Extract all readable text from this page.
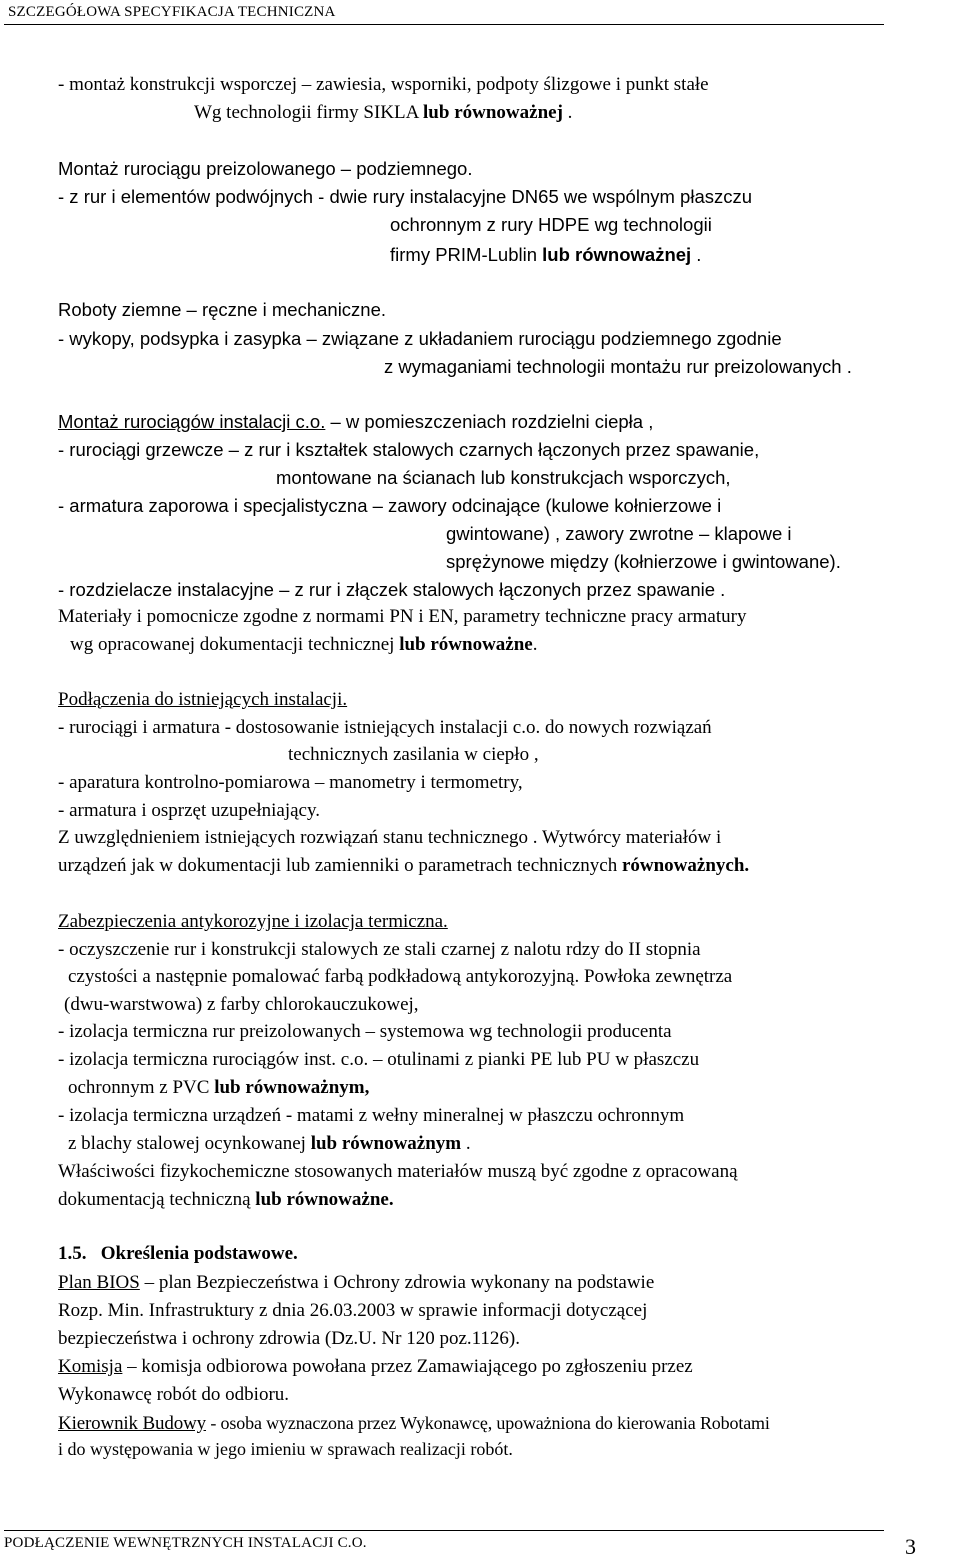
SZCZEGÓŁOWA SPECYFIKACJA TECHNICZNA
- montaż konstrukcji wsporczej – zawiesia, wsporniki, podpoty ślizgowe i punkt stałe
Wg technologii firmy SIKLA lub równoważnej .
Montaż rurociągu preizolowanego – podziemnego.
- z rur i elementów podwójnych - dwie rury instalacyjne DN65 we wspólnym płaszczu
ochronnym z rury HDPE wg technologii
firmy PRIM-Lublin lub równoważnej .
Roboty ziemne – ręczne i mechaniczne.
- wykopy, podsypka i zasypka – związane z układaniem rurociągu podziemnego zgodnie
z wymaganiami technologii montażu rur preizolowanych .
Montaż rurociągów instalacji c.o. – w pomieszczeniach rozdzielni ciepła ,
- rurociągi grzewcze – z rur i kształtek stalowych czarnych łączonych przez spawanie,
montowane na ścianach lub konstrukcjach wsporczych,
- armatura zaporowa i specjalistyczna – zawory odcinające (kulowe kołnierzowe i
gwintowane) , zawory zwrotne – klapowe i
sprężynowe między (kołnierzowe i gwintowane).
- rozdzielacze instalacyjne – z rur i złączek stalowych łączonych przez spawanie .
Materiały i pomocnicze zgodne z normami PN i EN, parametry techniczne pracy armatury
wg opracowanej dokumentacji technicznej lub równoważne.
Podłączenia do istniejących instalacji.
- rurociągi i armatura - dostosowanie istniejących instalacji c.o. do nowych rozwiązań
technicznych zasilania w ciepło ,
- aparatura kontrolno-pomiarowa – manometry i termometry,
- armatura i osprzęt uzupełniający.
Z uwzględnieniem istniejących rozwiązań stanu technicznego . Wytwórcy materiałów i
urządzeń jak w dokumentacji lub zamienniki o parametrach technicznych równoważnych.
Zabezpieczenia antykorozyjne i izolacja termiczna.
- oczyszczenie rur i konstrukcji stalowych ze stali czarnej z nalotu rdzy do II stopnia
czystości a następnie pomalować farbą podkładową antykorozyjną. Powłoka zewnętrza
(dwu-warstwowa) z farby chlorokauczukowej,
- izolacja termiczna rur preizolowanych – systemowa wg technologii producenta
- izolacja termiczna rurociągów inst. c.o. – otulinami z pianki PE lub PU w płaszczu
ochronnym z PVC lub równoważnym,
- izolacja termiczna urządzeń - matami z wełny mineralnej w płaszczu ochronnym
z blachy stalowej ocynkowanej lub równoważnym .
Właściwości fizykochemiczne stosowanych materiałów muszą być zgodne z opracowaną
dokumentacją techniczną lub równoważne.
1.5. Określenia podstawowe.
Plan BIOS – plan Bezpieczeństwa i Ochrony zdrowia wykonany na podstawie
Rozp. Min. Infrastruktury z dnia 26.03.2003 w sprawie informacji dotyczącej
bezpieczeństwa i ochrony zdrowia (Dz.U. Nr 120 poz.1126).
Komisja – komisja odbiorowa powołana przez Zamawiającego po zgłoszeniu przez
Wykonawcę robót do odbioru.
Kierownik Budowy - osoba wyznaczona przez Wykonawcę, upoważniona do kierowania Robotami
i do występowania w jego imieniu w sprawach realizacji robót.
PODŁĄCZENIE WEWNĘTRZNYCH INSTALACJI C.O.	3
